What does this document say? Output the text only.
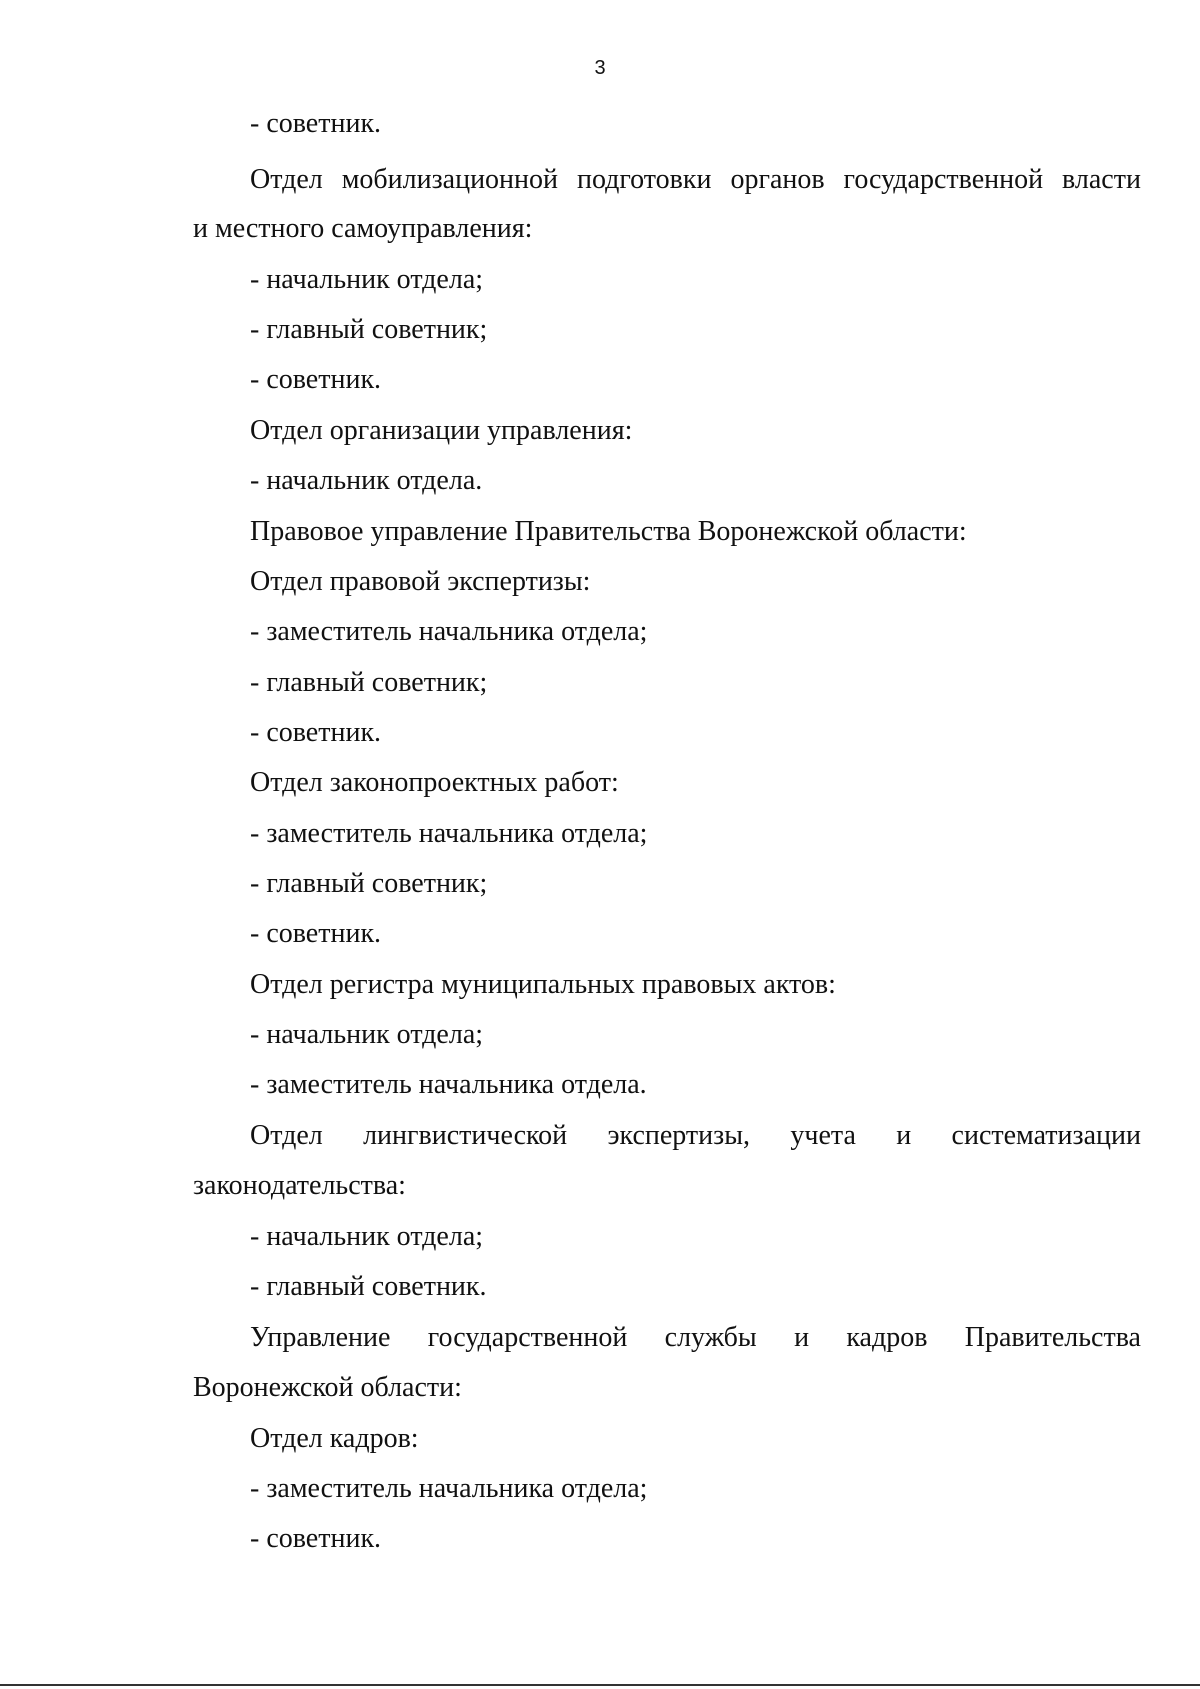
3
- советник.
Отдел мобилизационной подготовки органов государственной власти
и местного самоуправления:
- начальник отдела;
- главный советник;
- советник.
Отдел организации управления:
- начальник отдела.
Правовое управление Правительства Воронежской области:
Отдел правовой экспертизы:
- заместитель начальника отдела;
- главный советник;
- советник.
Отдел законопроектных работ:
- заместитель начальника отдела;
- главный советник;
- советник.
Отдел регистра муниципальных правовых актов:
- начальник отдела;
- заместитель начальника отдела.
Отдел лингвистической экспертизы, учета и систематизации
законодательства:
- начальник отдела;
- главный советник.
Управление государственной службы и кадров Правительства
Воронежской области:
Отдел кадров:
- заместитель начальника отдела;
- советник.
